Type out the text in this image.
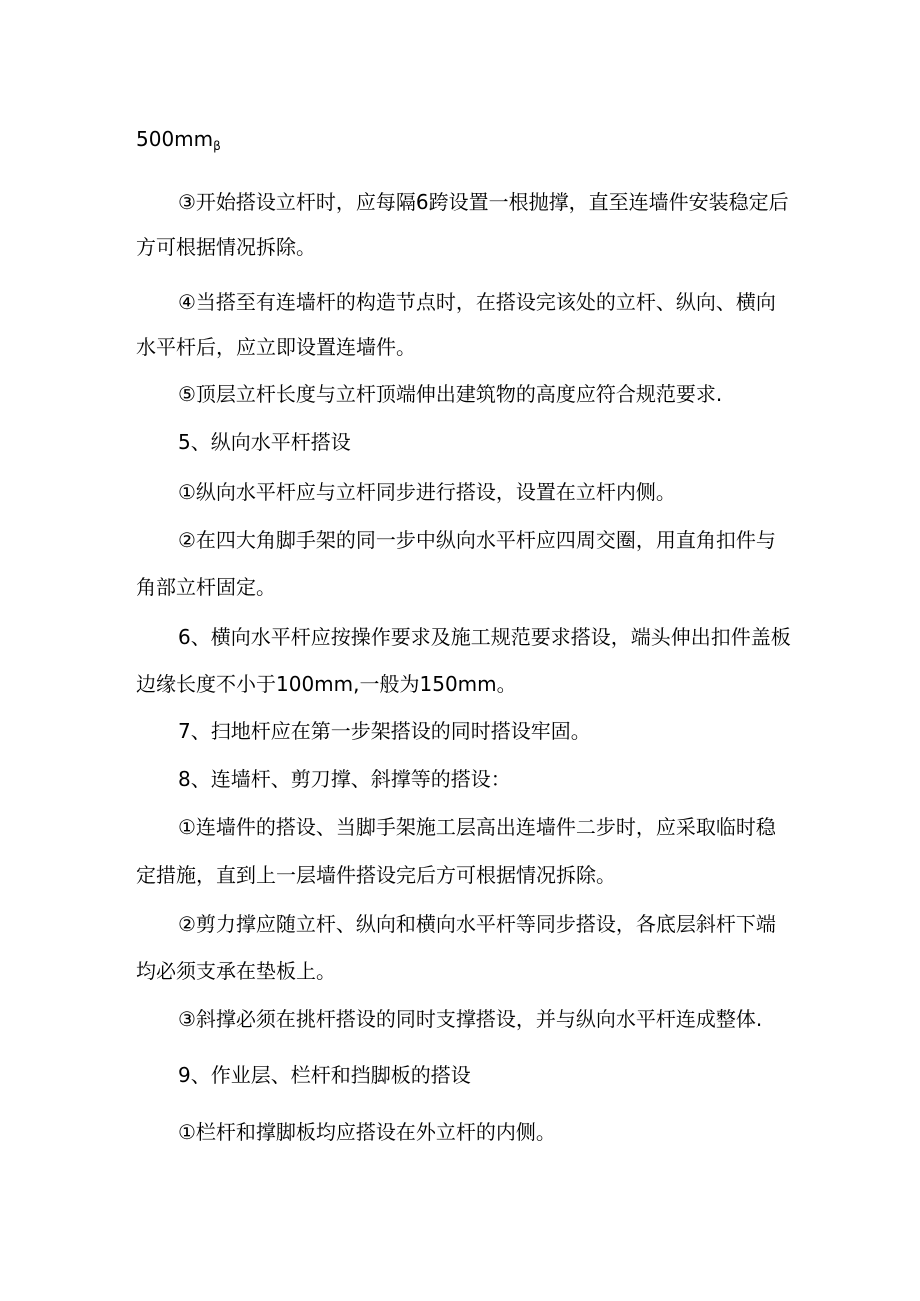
$500mm_\beta$
③开始搭设立杆时，应每隔6跨设置一根抛撑，直至连墙件安装稳定后
方可根据情况拆除。
④当搭至有连墙杆的构造节点时，在搭设完该处的立杆、纵向、横向
水平杆后，应立即设置连墙件。
⑤顶层立杆长度与立杆顶端伸出建筑物的高度应符合规范要求.
5、纵向水平杆搭设
①纵向水平杆应与立杆同步进行搭设，设置在立杆内侧。
②在四大角脚手架的同一步中纵向水平杆应四周交圈，用直角扣件与
角部立杆固定。
6、横向水平杆应按操作要求及施工规范要求搭设，端头伸出扣件盖板
边缘长度不小于100mm,一般为150mm。
7、扫地杆应在第一步架搭设的同时搭设牢固。
8、连墙杆、剪刀撑、斜撑等的搭设：
①连墙件的搭设、当脚手架施工层高出连墙件二步时，应采取临时稳
定措施，直到上一层墙件搭设完后方可根据情况拆除。
②剪力撑应随立杆、纵向和横向水平杆等同步搭设，各底层斜杆下端
均必须支承在垫板上。
③斜撑必须在挑杆搭设的同时支撑搭设，并与纵向水平杆连成整体.
9、作业层、栏杆和挡脚板的搭设
①栏杆和撑脚板均应搭设在外立杆的内侧。
